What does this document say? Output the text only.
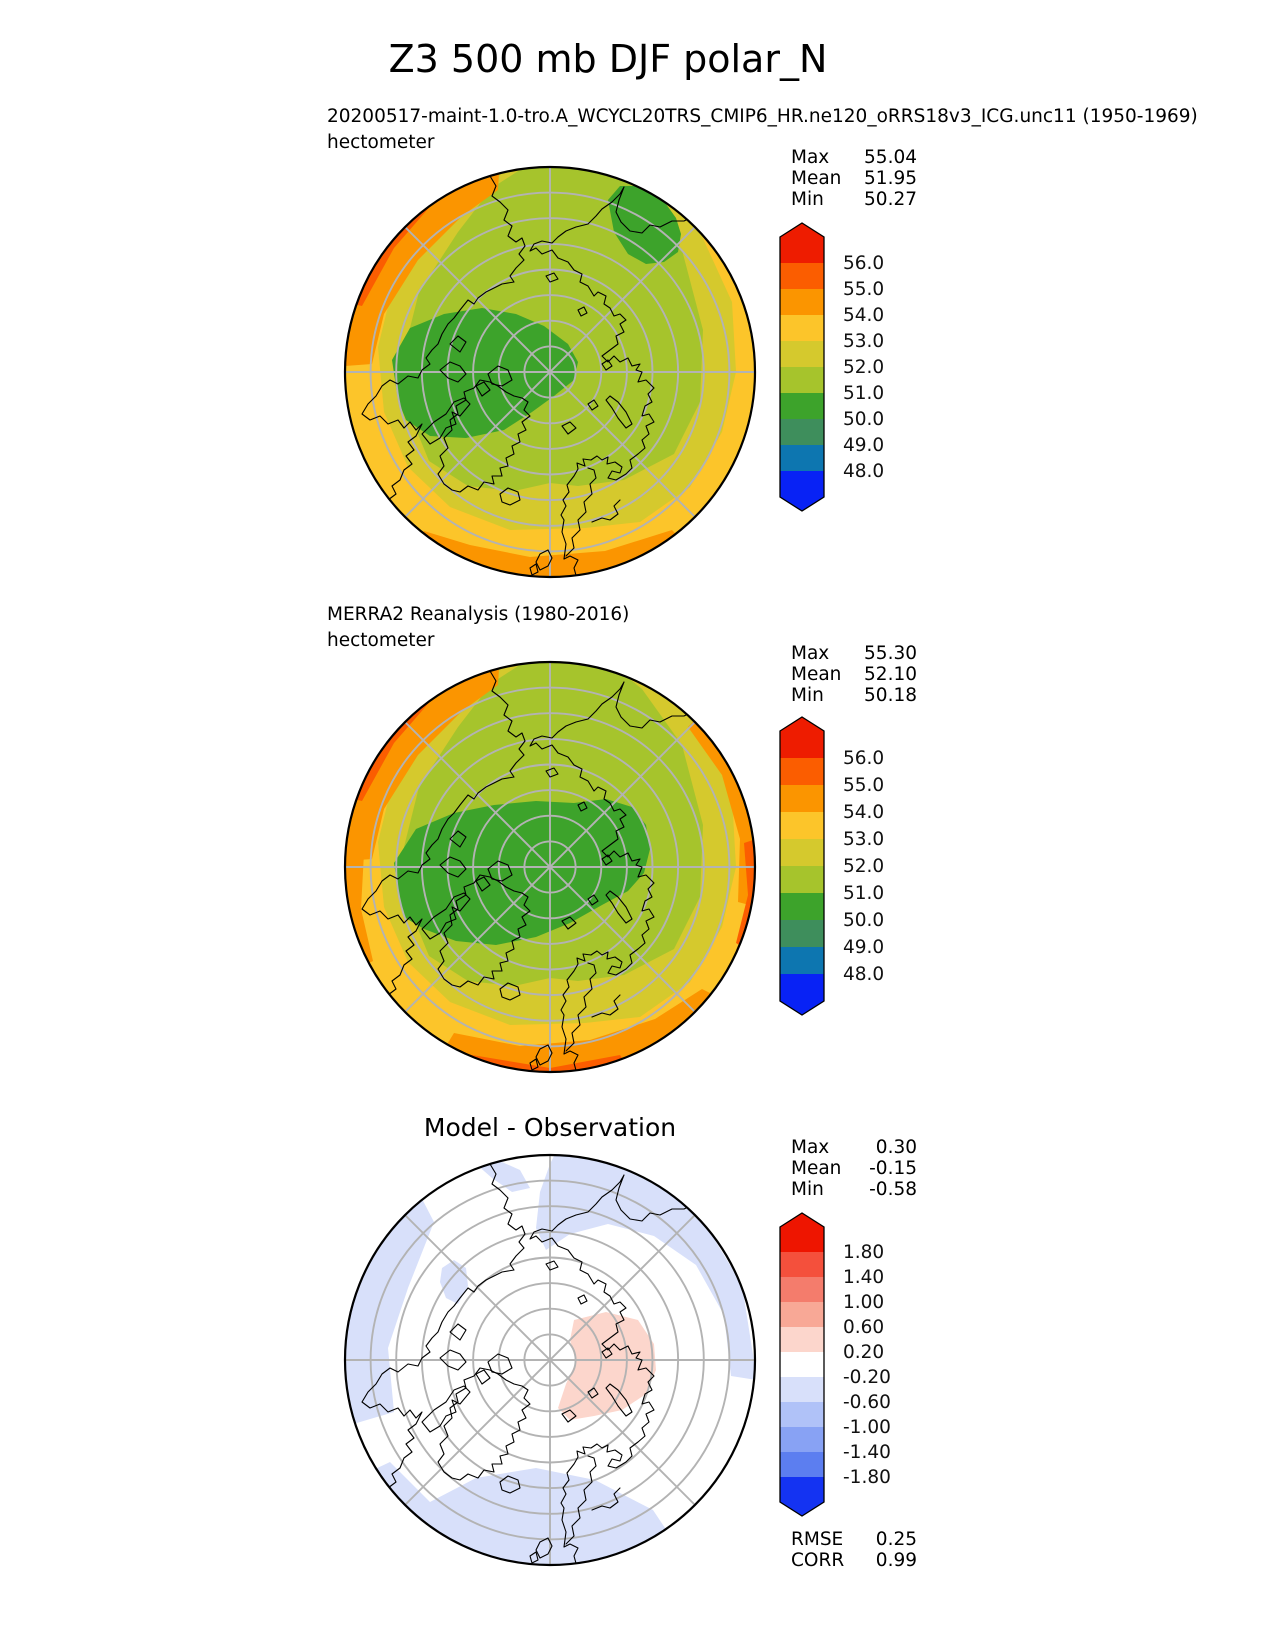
Z3 500 mb DJF polar_N
20200517-maint-1.0-tro.A_WCYCL20TRS_CMIP6_HR.ne120_oRRS18v3_ICG.unc11 (1950-1969)
hectometer
Max	55.04
Mean	51.95
Min	50.27
56.0
55.0
54.0
53.0
52.0
51.0
50.0
49.0
48.0
MERRA2 Reanalysis (1980-2016)
hectometer
Max	55.30
Mean	52.10
Min	50.18
56.0
55.0
54.0
53.0
52.0
51.0
50.0
49.0
48.0
Model - Observation
Max	0.30
Mean	-0.15
Min	-0.58
1.80
1.40
1.00
0.60
0.20
-0.20
-0.60
-1.00
-1.40
-1.80
RMSE	0.25
CORR	0.99
